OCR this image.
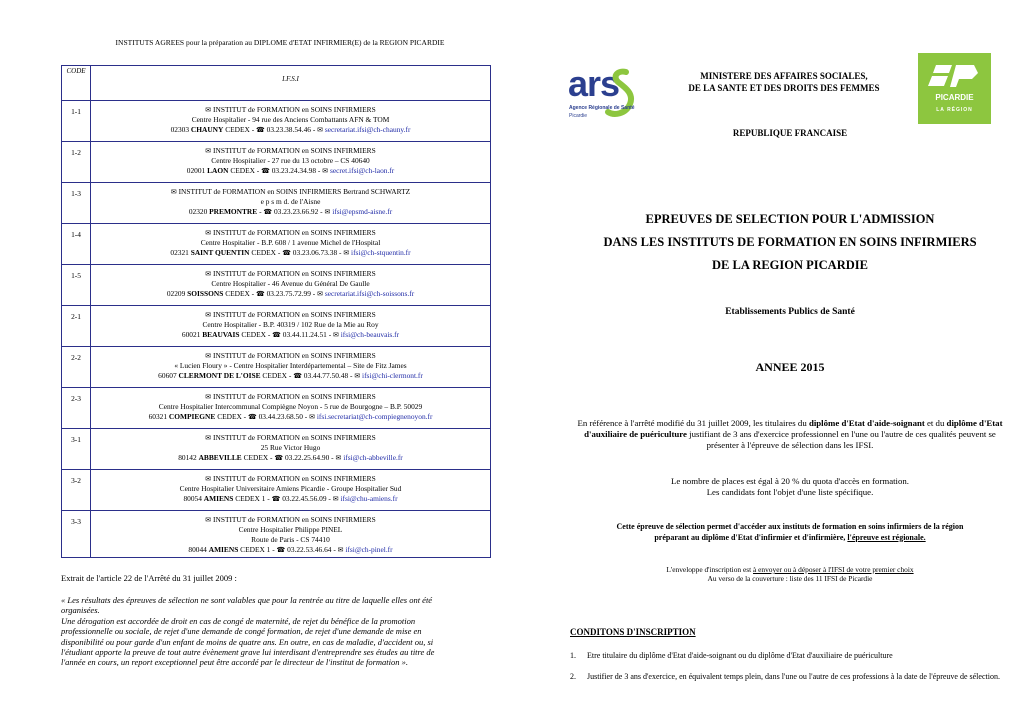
INSTITUTS AGREES pour la préparation au DIPLOME d'ETAT INFIRMIER(E) de la REGION PICARDIE
CODE	I.F.S.I
1-1	✉ INSTITUT de FORMATION en SOINS INFIRMIERS
Centre Hospitalier - 94 rue des Anciens Combattants AFN & TOM
02303 CHAUNY CEDEX - ☎ 03.23.38.54.46 - ✉ secretariat.ifsi@ch-chauny.fr

1-2	✉ INSTITUT de FORMATION en SOINS INFIRMIERS
Centre Hospitalier - 27 rue du 13 octobre – CS 40640
02001 LAON CEDEX - ☎ 03.23.24.34.98 - ✉ secret.ifsi@ch-laon.fr

1-3	✉ INSTITUT de FORMATION en SOINS INFIRMIERS Bertrand SCHWARTZ
e p s m d. de l'Aisne
02320 PREMONTRE - ☎ 03.23.23.66.92 - ✉ ifsi@epsmd-aisne.fr

1-4	✉ INSTITUT de FORMATION en SOINS INFIRMIERS
Centre Hospitalier - B.P. 608 / 1 avenue Michel de l'Hospital
02321 SAINT QUENTIN CEDEX - ☎ 03.23.06.73.38 - ✉ ifsi@ch-stquentin.fr

1-5	✉ INSTITUT de FORMATION en SOINS INFIRMIERS
Centre Hospitalier - 46 Avenue du Général De Gaulle
02209 SOISSONS CEDEX - ☎ 03.23.75.72.99 - ✉ secretariat.ifsi@ch-soissons.fr

2-1	✉ INSTITUT de FORMATION en SOINS INFIRMIERS
Centre Hospitalier - B.P. 40319 / 102 Rue de la Mie au Roy
60021 BEAUVAIS CEDEX - ☎ 03.44.11.24.51 - ✉ ifsi@ch-beauvais.fr

2-2	✉ INSTITUT de FORMATION en SOINS INFIRMIERS
« Lucien Floury » - Centre Hospitalier Interdépartemental – Site de Fitz James
60607 CLERMONT DE L'OISE CEDEX - ☎ 03.44.77.50.48 - ✉ ifsi@chi-clermont.fr

2-3	✉ INSTITUT de FORMATION en SOINS INFIRMIERS
Centre Hospitalier Intercommunal Compiègne Noyon - 5 rue de Bourgogne – B.P. 50029
60321 COMPIEGNE CEDEX - ☎ 03.44.23.68.50 - ✉ ifsi.secretariat@ch-compiegnenoyon.fr

3-1	✉ INSTITUT de FORMATION en SOINS INFIRMIERS
25 Rue Victor Hugo
80142 ABBEVILLE CEDEX - ☎ 03.22.25.64.90 - ✉ ifsi@ch-abbeville.fr

3-2	✉ INSTITUT de FORMATION en SOINS INFIRMIERS
Centre Hospitalier Universitaire Amiens Picardie - Groupe Hospitalier Sud
80054 AMIENS CEDEX 1 - ☎ 03.22.45.56.09 - ✉ ifsi@chu-amiens.fr

3-3	✉ INSTITUT de FORMATION en SOINS INFIRMIERS
Centre Hospitalier Philippe PINEL
Route de Paris - CS 74410
80044 AMIENS CEDEX 1 - ☎ 03.22.53.46.64 - ✉ ifsi@ch-pinel.fr
Extrait de l'article 22 de l'Arrêté du 31 juillet 2009 :

« Les résultats des épreuves de sélection ne sont valables que pour la rentrée au titre de laquelle elles ont été organisées.

Une dérogation est accordée de droit en cas de congé de maternité, de rejet du bénéfice de la promotion professionnelle ou sociale, de rejet d'une demande de congé formation, de rejet d'une demande de mise en disponibilité ou pour garde d'un enfant de moins de quatre ans. En outre, en cas de maladie, d'accident ou, si l'étudiant apporte la preuve de tout autre évènement grave lui interdisant d'entreprendre ses études au titre de l'année en cours, un report exceptionnel peut être accordé par le directeur de l'institut de formation ».

ars
Agence Régionale de Santé
Picardie
MINISTERE DES AFFAIRES SOCIALES,
DE LA SANTE ET DES DROITS DES FEMMES
PICARDIE
LA RÉGION
REPUBLIQUE FRANCAISE
EPREUVES DE SELECTION POUR L'ADMISSION
DANS LES INSTITUTS DE FORMATION EN SOINS INFIRMIERS
DE LA REGION PICARDIE
Etablissements Publics de Santé
ANNEE 2015
En référence à l'arrêté modifié du 31 juillet 2009, les titulaires du diplôme d'Etat d'aide-soignant et du diplôme d'Etat d'auxiliaire de puériculture justifiant de 3 ans d'exercice professionnel en l'une ou l'autre de ces qualités peuvent se présenter à l'épreuve de sélection dans les IFSI.
Le nombre de places est égal à 20 % du quota d'accès en formation.
Les candidats font l'objet d'une liste spécifique.
Cette épreuve de sélection permet d'accéder aux instituts de formation en soins infirmiers de la région
préparant au diplôme d'Etat d'infirmier et d'infirmière, l'épreuve est régionale.
L'enveloppe d'inscription est à envoyer ou à déposer à l'IFSI de votre premier choix
Au verso de la couverture : liste des 11 IFSI de Picardie
CONDITONS D'INSCRIPTION
1. Etre titulaire du diplôme d'Etat d'aide-soignant ou du diplôme d'Etat d'auxiliaire de puériculture
2. Justifier de 3 ans d'exercice, en équivalent temps plein, dans l'une ou l'autre de ces professions à la date de l'épreuve de sélection.
